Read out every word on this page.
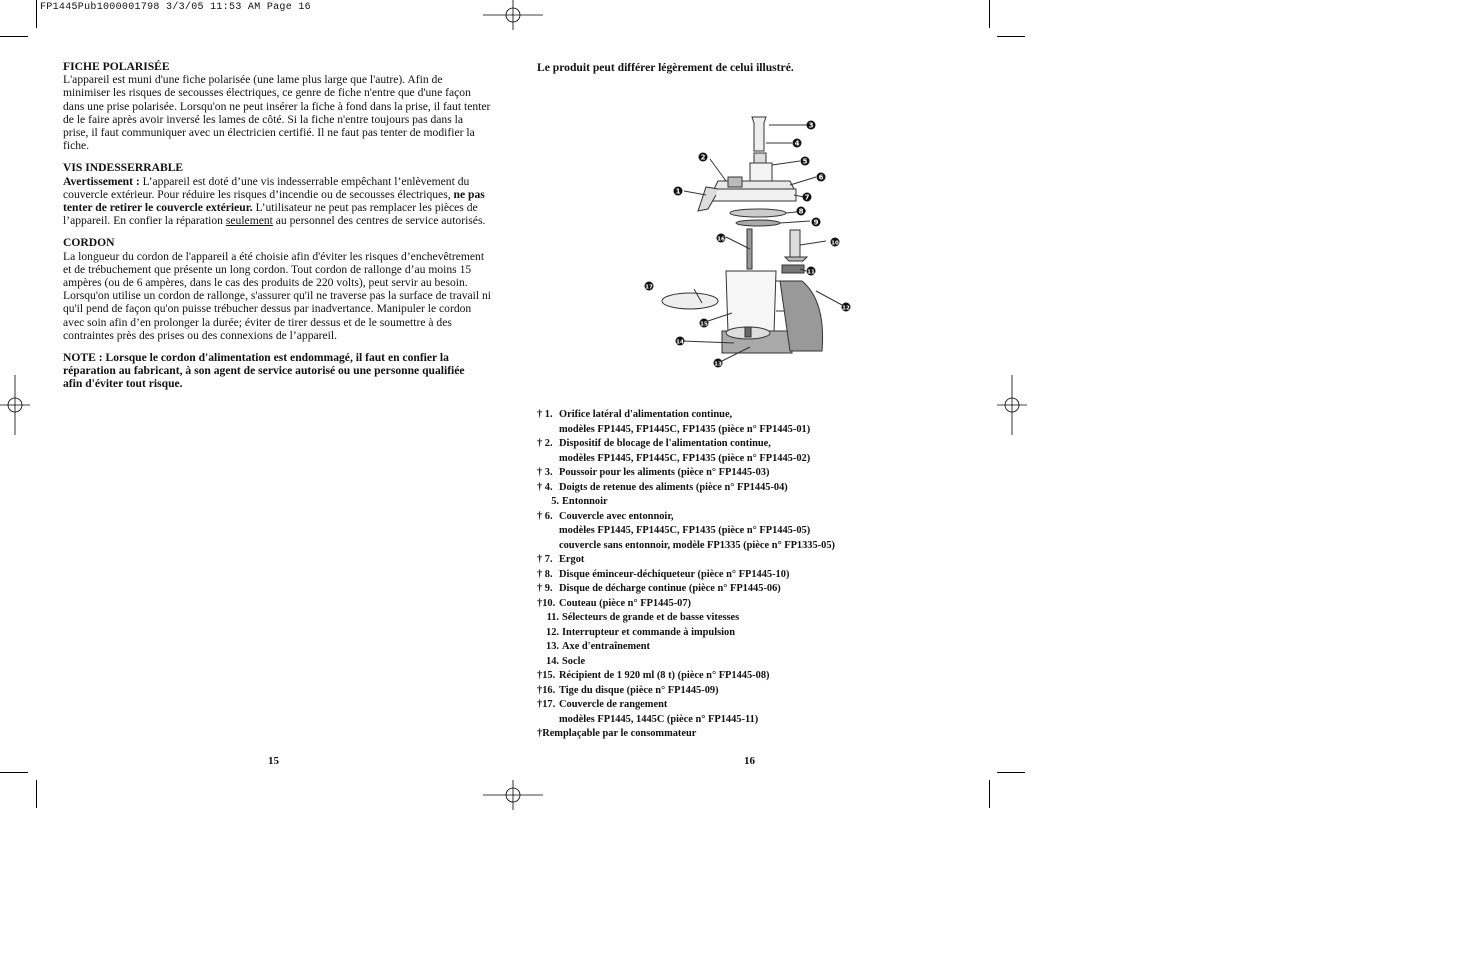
FP1445Pub1000001798 3/3/05 11:53 AM Page 16
FICHE POLARISÉE

L'appareil est muni d'une fiche polarisée (une lame plus large que l'autre). Afin de minimiser les risques de secousses électriques, ce genre de fiche n'entre que d'une façon dans une prise polarisée. Lorsqu'on ne peut insérer la fiche à fond dans la prise, il faut tenter de le faire après avoir inversé les lames de côté. Si la fiche n'entre toujours pas dans la prise, il faut communiquer avec un électricien certifié. Il ne faut pas tenter de modifier la fiche.

VIS INDESSERRABLE

Avertissement : L’appareil est doté d’une vis indesserrable empêchant l’enlèvement du couvercle extérieur. Pour réduire les risques d’incendie ou de secousses électriques, ne pas tenter de retirer le couvercle extérieur. L’utilisateur ne peut pas remplacer les pièces de l’appareil. En confier la réparation seulement au personnel des centres de service autorisés.

CORDON

La longueur du cordon de l'appareil a été choisie afin d'éviter les risques d’enchevêtrement et de trébuchement que présente un long cordon. Tout cordon de rallonge d’au moins 15 ampères (ou de 6 ampères, dans le cas des produits de 220 volts), peut servir au besoin. Lorsqu'on utilise un cordon de rallonge, s'assurer qu'il ne traverse pas la surface de travail ni qu'il pend de façon qu'on puisse trébucher dessus par inadvertance. Manipuler le cordon avec soin afin d’en prolonger la durée; éviter de tirer dessus et de le soumettre à des contraintes près des prises ou des connexions de l’appareil.

NOTE : Lorsque le cordon d'alimentation est endommagé, il faut en confier la réparation au fabricant, à son agent de service autorisé ou une personne qualifiée afin d'éviter tout risque.

15
Le produit peut différer légèrement de celui illustré.
1
2
3
4
5
6
7
8
9
10
11
12
13
14
15
16
17
† 1. Orifice latéral d'alimentation continue,
modèles FP1445, FP1445C, FP1435 (pièce n° FP1445-01)
† 2. Dispositif de blocage de l'alimentation continue,
modèles FP1445, FP1445C, FP1435 (pièce n° FP1445-02)
† 3. Poussoir pour les aliments (pièce n° FP1445-03)
† 4. Doigts de retenue des aliments (pièce n° FP1445-04)
5. Entonnoir
† 6. Couvercle avec entonnoir,
modèles FP1445, FP1445C, FP1435 (pièce n° FP1445-05)
couvercle sans entonnoir, modèle FP1335 (pièce n° FP1335-05)
† 7. Ergot
† 8. Disque éminceur-déchiqueteur (pièce n° FP1445-10)
† 9. Disque de décharge continue (pièce n° FP1445-06)
†10. Couteau (pièce n° FP1445-07)
11. Sélecteurs de grande et de basse vitesses
12. Interrupteur et commande à impulsion
13. Axe d'entraînement
14. Socle
†15. Récipient de 1 920 ml (8 t) (pièce n° FP1445-08)
†16. Tige du disque (pièce n° FP1445-09)
†17. Couvercle de rangement
modèles FP1445, 1445C (pièce n° FP1445-11)
†Remplaçable par le consommateur
16
